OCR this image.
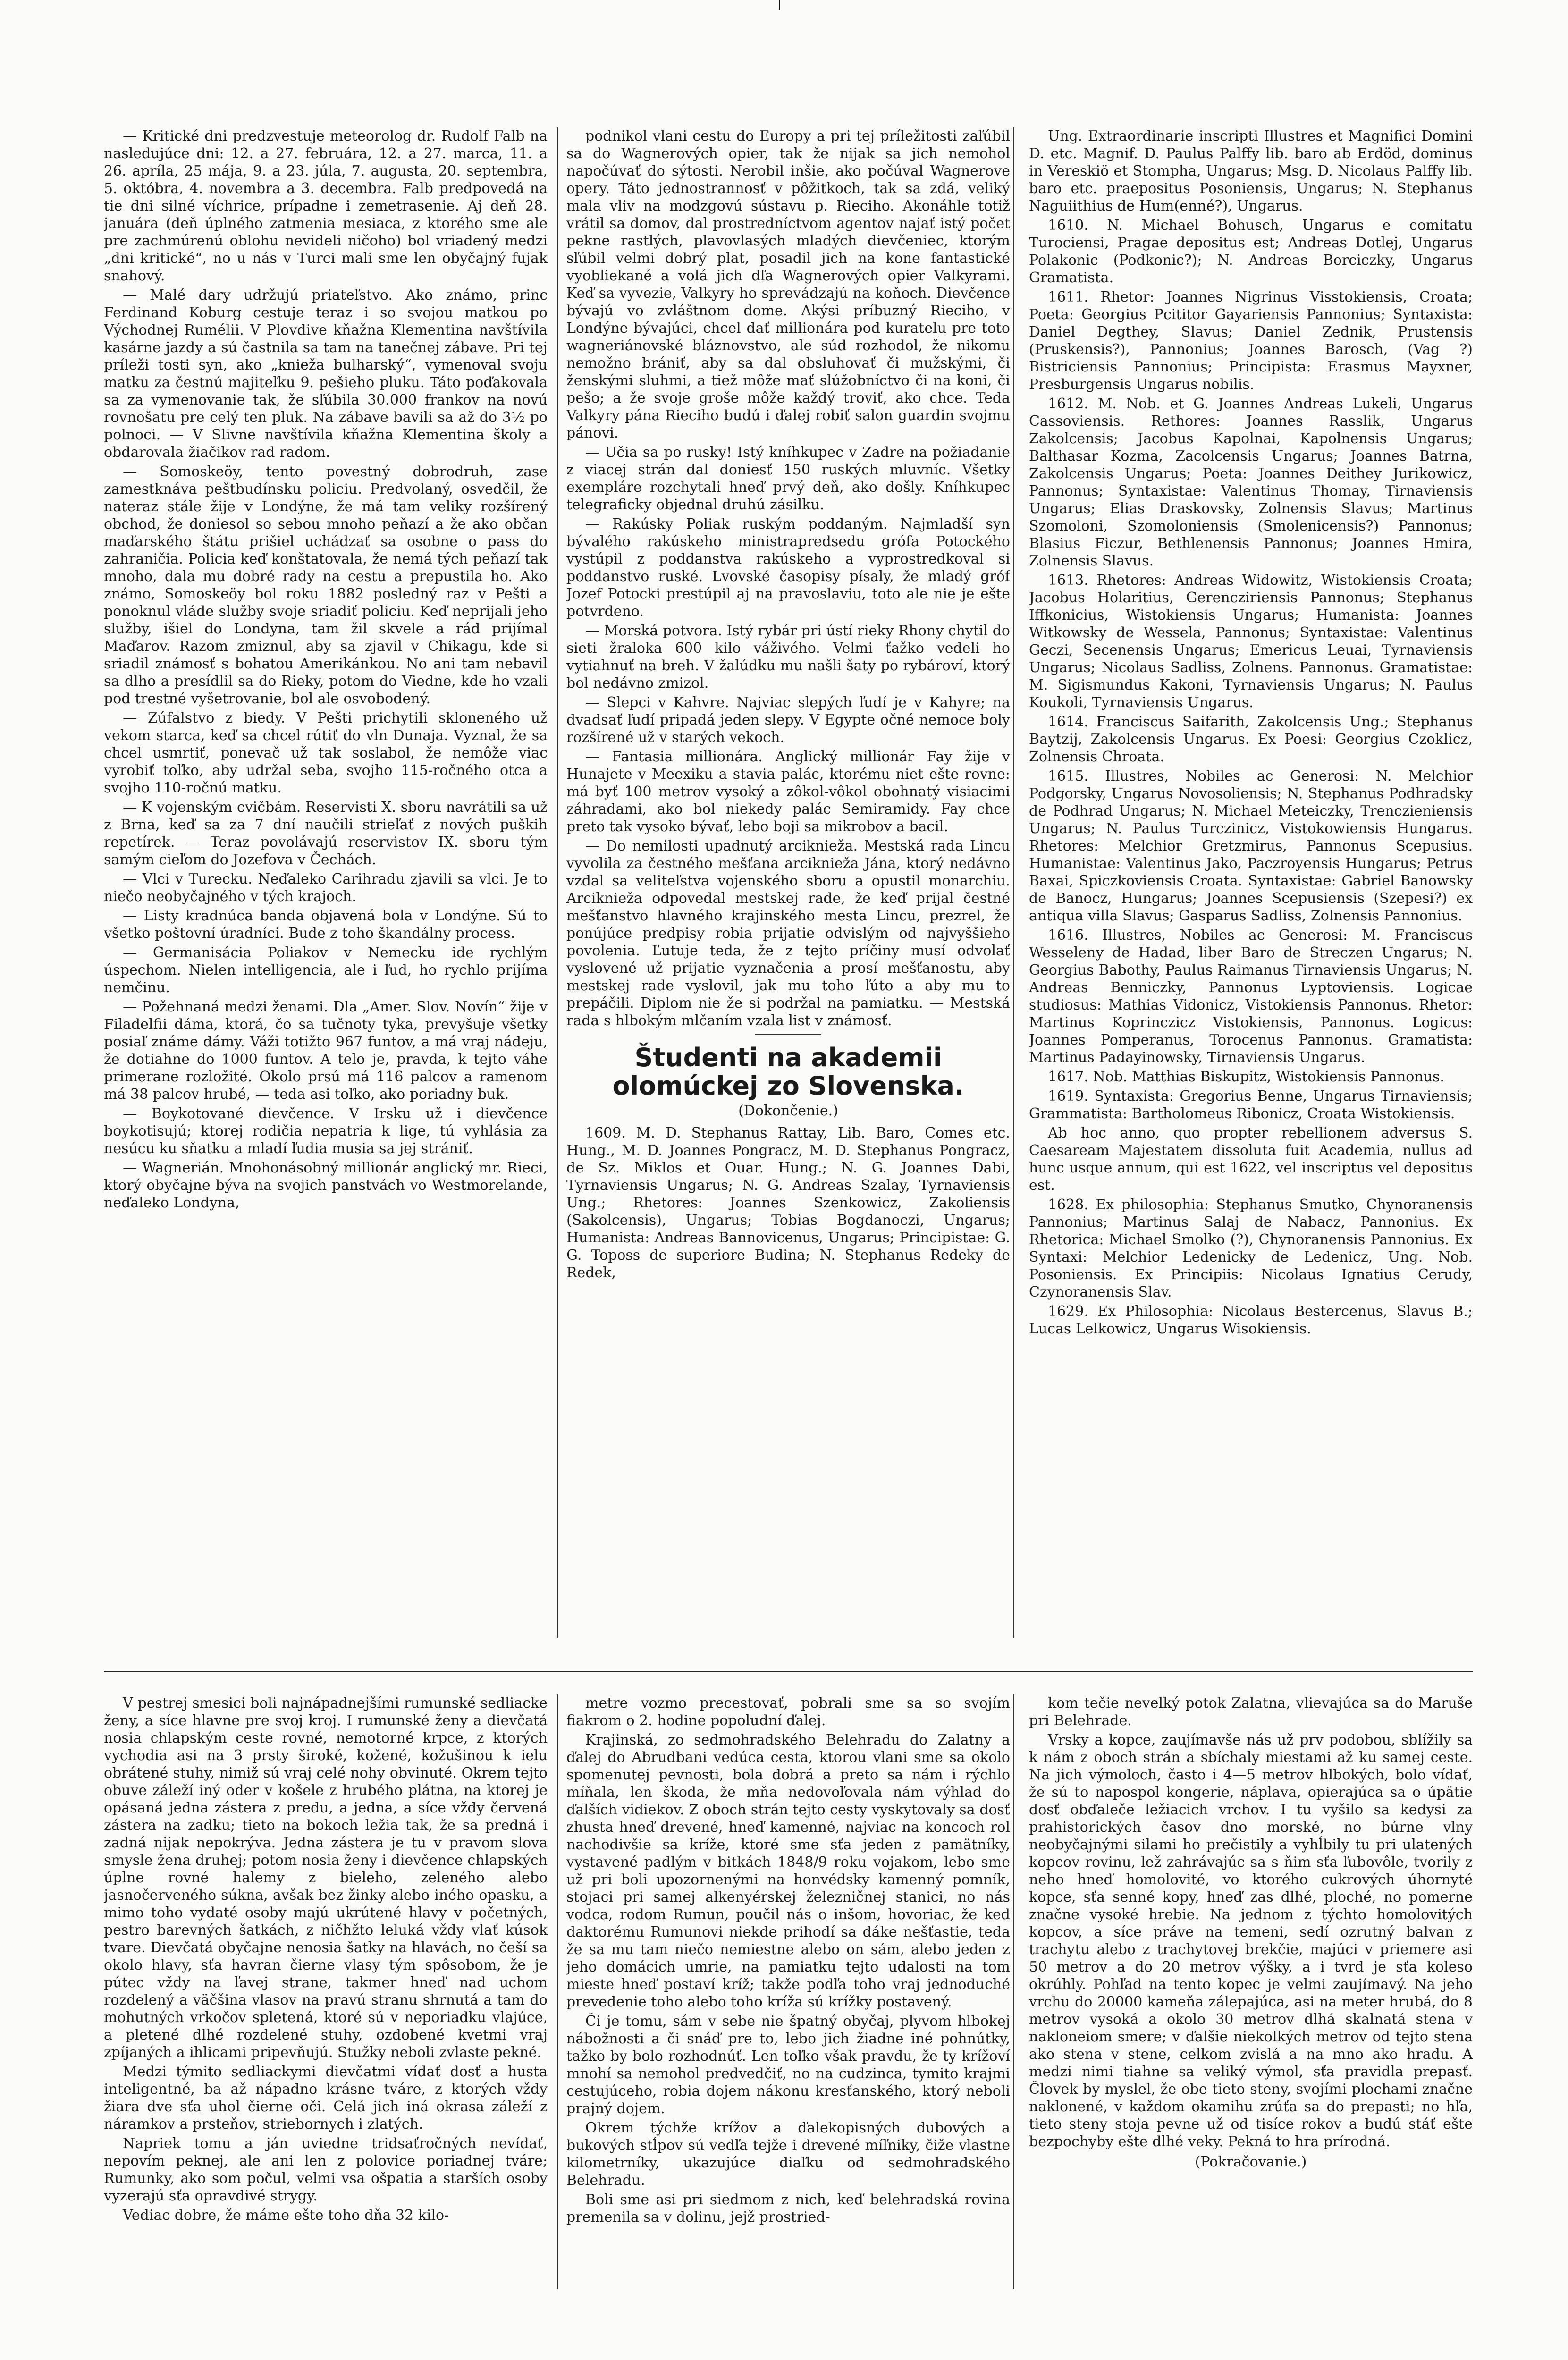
— Kritické dni predzvestuje meteorolog dr. Rudolf Falb na nasledujúce dni: 12. a 27. februára, 12. a 27. marca, 11. a 26. apríla, 25 mája, 9. a 23. júla, 7. augusta, 20. septembra, 5. októbra, 4. novembra a 3. decembra. Falb predpovedá na tie dni silné víchrice, prípadne i zemetrasenie. Aj deň 28. januára (deň úplného zatmenia mesiaca, z ktorého sme ale pre zachmúrenú oblohu nevideli ničoho) bol vriadený medzi „dni kritické“, no u nás v Turci mali sme len obyčajný fujak snahový.

— Malé dary udržujú priateľstvo. Ako známo, princ Ferdinand Koburg cestuje teraz i so svojou matkou po Východnej Rumélii. V Plovdive kňažna Klementina navštívila kasárne jazdy a sú častnila sa tam na tanečnej zábave. Pri tej príleži tosti syn, ako „knieža bulharský“, vymenoval svoju matku za čestnú majiteľku 9. pešieho pluku. Táto poďakovala sa za vymenovanie tak, že sľúbila 30.000 frankov na novú rovnošatu pre celý ten pluk. Na zábave bavili sa až do 3½ po polnoci. — V Slivne navštívila kňažna Klementina školy a obdarovala žiačikov rad radom.

— Somoskeöy, tento povestný dobrodruh, zase zamestknáva peštbudínsku policiu. Predvolaný, osvedčil, že nateraz stále žije v Londýne, že má tam veliky rozšírený obchod, že doniesol so sebou mnoho peňazí a že ako občan maďarského štátu prišiel uchádzať sa osobne o pass do zahraničia. Policia keď konštatovala, že nemá tých peňazí tak mnoho, dala mu dobré rady na cestu a prepustila ho. Ako známo, Somoskeöy bol roku 1882 posledný raz v Pešti a ponoknul vláde služby svoje sriadiť policiu. Keď neprijali jeho služby, išiel do Londyna, tam žil skvele a rád prijímal Maďarov. Razom zmiznul, aby sa zjavil v Chikagu, kde si sriadil známosť s bohatou Amerikánkou. No ani tam nebavil sa dlho a presídlil sa do Rieky, potom do Viedne, kde ho vzali pod trestné vyšetrovanie, bol ale osvobodený.

— Zúfalstvo z biedy. V Pešti prichytili skloneného už vekom starca, keď sa chcel rútiť do vln Dunaja. Vyznal, že sa chcel usmrtiť, ponevač už tak soslabol, že nemôže viac vyrobiť toľko, aby udržal seba, svojho 115-ročného otca a svojho 110-ročnú matku.

— K vojenským cvičbám. Reservisti X. sboru navrátili sa už z Brna, keď sa za 7 dní naučili strieľať z nových puških repetírek. — Teraz povolávajú reservistov IX. sboru tým samým cieľom do Jozefova v Čechách.

— Vlci v Turecku. Neďaleko Carihradu zjavili sa vlci. Je to niečo neobyčajného v tých krajoch.

— Listy kradnúca banda objavená bola v Londýne. Sú to všetko poštovní úradníci. Bude z toho škandálny process.

— Germanisácia Poliakov v Nemecku ide rychlým úspechom. Nielen intelligencia, ale i ľud, ho rychlo prijíma nemčinu.

— Požehnaná medzi ženami. Dla „Amer. Slov. Novín“ žije v Filadelfii dáma, ktorá, čo sa tučnoty tyka, prevyšuje všetky posiaľ známe dámy. Váži totižto 967 funtov, a má vraj nádeju, že dotiahne do 1000 funtov. A telo je, pravda, k tejto váhe primerane rozložité. Okolo prsú má 116 palcov a ramenom má 38 palcov hrubé, — teda asi toľko, ako poriadny buk.

— Boykotované dievčence. V Irsku už i dievčence boykotisujú; ktorej rodičia nepatria k lige, tú vyhlásia za nesúcu ku sňatku a mladí ľudia musia sa jej strániť.

— Wagnerián. Mnohonásobný millionár anglický mr. Rieci, ktorý obyčajne býva na svojich panstvách vo Westmorelande, neďaleko Londyna,

podnikol vlani cestu do Europy a pri tej príležitosti zaľúbil sa do Wagnerových opier, tak že nijak sa jich nemohol napočúvať do sýtosti. Nerobil inšie, ako počúval Wagnerove opery. Táto jednostrannosť v pôžitkoch, tak sa zdá, veliký mala vliv na modzgovú sústavu p. Rieciho. Akonáhle totiž vrátil sa domov, dal prostredníctvom agentov najať istý počet pekne rastlých, plavovlasých mladých dievčeniec, ktorým sľúbil velmi dobrý plat, posadil jich na kone fantastické vyobliekané a volá jich dľa Wagnerových opier Valkyrami. Keď sa vyvezie, Valkyry ho sprevádzajú na koňoch. Dievčence bývajú vo zvláštnom dome. Akýsi príbuzný Rieciho, v Londýne bývajúci, chcel dať millionára pod kuratelu pre toto wagneriánovské bláznovstvo, ale súd rozhodol, že nikomu nemožno brániť, aby sa dal obsluhovať či mužskými, či ženskými sluhmi, a tiež môže mať slúžobníctvo či na koni, či pešo; a že svoje groše môže každý troviť, ako chce. Teda Valkyry pána Rieciho budú i ďalej robiť salon guardin svojmu pánovi.

— Učia sa po rusky! Istý kníhkupec v Zadre na požiadanie z viacej strán dal doniesť 150 ruských mluvníc. Všetky exempláre rozchytali hneď prvý deň, ako došly. Kníhkupec telegraficky objednal druhú zásilku.

— Rakúsky Poliak ruským poddaným. Najmladší syn bývalého rakúskeho ministrapredsedu grófa Potockého vystúpil z poddanstva rakúskeho a vyprostredkoval si poddanstvo ruské. Lvovské časopisy písaly, že mladý gróf Jozef Potocki prestúpil aj na pravoslaviu, toto ale nie je ešte potvrdeno.

— Morská potvora. Istý rybár pri ústí rieky Rhony chytil do sieti žraloka 600 kilo váživého. Velmi ťažko vedeli ho vytiahnuť na breh. V žalúdku mu našli šaty po rybároví, ktorý bol nedávno zmizol.

— Slepci v Kahvre. Najviac slepých ľudí je v Kahyre; na dvadsať ľudí pripadá jeden slepy. V Egypte očné nemoce boly rozšírené už v starých vekoch.

— Fantasia millionára. Anglický millionár Fay žije v Hunajete v Meexiku a stavia palác, ktorému niet ešte rovne: má byť 100 metrov vysoký a zôkol-vôkol obohnatý visiacimi záhradami, ako bol niekedy palác Semiramidy. Fay chce preto tak vysoko bývať, lebo boji sa mikrobov a bacil.

— Do nemilosti upadnutý arcikniežа. Mestská rada Lincu vyvolila za čestného mešťana arcikniežа Jána, ktorý nedávno vzdal sa veliteľstva vojenského sboru a opustil monarchiu. Arcikniežа odpovedal mestskej rade, že keď prijal čestné mešťanstvo hlavného krajinského mesta Lincu, prezrel, že ponújúce predpisy robia prijatie odvislým od najvyššieho povolenia. Ľutuje teda, že z tejto príčiny musí odvolať vyslovené už prijatie vyznačenia a prosí mešťanostu, aby mestskej rade vyslovil, jak mu toho ľúto a aby mu to prepáčili. Diplom nie že si podržal na pamiatku. — Mestská rada s hlbokým mlčaním vzala list v známosť.

Študenti na akademii olomúckej zo Slovenska.
(Dokončenie.)

1609. M. D. Stephanus Rattay, Lib. Baro, Comes etc. Hung., M. D. Joannes Pongracz, M. D. Stephanus Pongracz, de Sz. Miklos et Ouar. Hung.; N. G. Joannes Dabi, Tyrnaviensis Ungarus; N. G. Andreas Szalay, Tyrnaviensis Ung.; Rhetores: Joannes Szenkowicz, Zakoliensis (Sakolcensis), Ungarus; Tobias Bogdanoczi, Ungarus; Humanista: Andreas Bannovicenus, Ungarus; Principistae: G. G. Toposs de superiore Budina; N. Stephanus Redeky de Redek,

Ung. Extraordinarie inscripti Illustres et Magnifici Domini D. etc. Magnif. D. Paulus Palffy lib. baro ab Erdöd, dominus in Vereskiö et Stompha, Ungarus; Msg. D. Nicolaus Palffy lib. baro etc. praepositus Posoniensis, Ungarus; N. Stephanus Naguiithius de Hum(enné?), Ungarus.

1610. N. Michael Bohusch, Ungarus e comitatu Turociensi, Pragae depositus est; Andreas Dotlej, Ungarus Polakonic (Podkonic?); N. Andreas Borciczky, Ungarus Gramatista.

1611. Rhetor: Joannes Nigrinus Visstokiensis, Croata; Poeta: Georgius Pcititor Gayariensis Pannonius; Syntaxista: Daniel Degthey, Slavus; Daniel Zednik, Prustensis (Pruskensis?), Pannonius; Joannes Barosch, (Vag ?) Bistriciensis Pannonius; Principista: Erasmus Mayxner, Presburgensis Ungarus nobilis.

1612. M. Nob. et G. Joannes Andreas Lukeli, Ungarus Cassoviensis. Rethores: Joannes Rasslik, Ungarus Zakolcensis; Jacobus Kapolnai, Kapolnensis Ungarus; Balthasar Kozma, Zacolcensis Ungarus; Joannes Batrna, Zakolcensis Ungarus; Poeta: Joannes Deithey Jurikowicz, Pannonus; Syntaxistae: Valentinus Thomay, Tirnaviensis Ungarus; Elias Draskovsky, Zolnensis Slavus; Martinus Szomoloni, Szomoloniensis (Smolenicensis?) Pannonus; Blasius Ficzur, Bethlenensis Pannonus; Joannes Hmira, Zolnensis Slavus.

1613. Rhetores: Andreas Widowitz, Wistokiensis Croata; Jacobus Holaritius, Gerencziriensis Pannonus; Stephanus Iffkonicius, Wistokiensis Ungarus; Humanista: Joannes Witkowsky de Wessela, Pannonus; Syntaxistae: Valentinus Geczi, Secenensis Ungarus; Emericus Leuai, Tyrnaviensis Ungarus; Nicolaus Sadliss, Zolnens. Pannonus. Gramatistae: M. Sigismundus Kakoni, Tyrnaviensis Ungarus; N. Paulus Koukoli, Tyrnaviensis Ungarus.

1614. Franciscus Saifarith, Zakolcensis Ung.; Stephanus Baytzij, Zakolcensis Ungarus. Ex Poesi: Georgius Czoklicz, Zolnensis Chroata.

1615. Illustres, Nobiles ac Generosi: N. Melchior Podgorsky, Ungarus Novosoliensis; N. Stephanus Podhradsky de Podhrad Ungarus; N. Michael Meteiczky, Trenczieniensis Ungarus; N. Paulus Turczinicz, Vistokowiensis Hungarus. Rhetores: Melchior Gretzmirus, Pannonus Scepusius. Humanistae: Valentinus Jako, Paczroyensis Hungarus; Petrus Baxai, Spiczkoviensis Croata. Syntaxistae: Gabriel Banowsky de Banocz, Hungarus; Joannes Scepusiensis (Szepesi?) ex antiqua villa Slavus; Gasparus Sadliss, Zolnensis Pannonius.

1616. Illustres, Nobiles ac Generosi: M. Franciscus Wesseleny de Hadad, liber Baro de Streczen Ungarus; N. Georgius Babothy, Paulus Raimanus Tirnaviensis Ungarus; N. Andreas Benniczky, Pannonus Lyptoviensis. Logicae studiosus: Mathias Vidonicz, Vistokiensis Pannonus. Rhetor: Martinus Koprinczicz Vistokiensis, Pannonus. Logicus: Joannes Pomperanus, Torocenus Pannonus. Gramatista: Martinus Padayinowsky, Tirnaviensis Ungarus.

1617. Nob. Matthias Biskupitz, Wistokiensis Pannonus.

1619. Syntaxista: Gregorius Benne, Ungarus Tirnaviensis; Grammatista: Bartholomeus Ribonicz, Croata Wistokiensis.

Ab hoc anno, quo propter rebellionem adversus S. Caesaream Majestatem dissoluta fuit Academia, nullus ad hunc usque annum, qui est 1622, vel inscriptus vel depositus est.

1628. Ex philosophia: Stephanus Smutko, Chynoranensis Pannonius; Martinus Salaj de Nabacz, Pannonius. Ex Rhetorica: Michael Smolko (?), Chynoranensis Pannonius. Ex Syntaxi: Melchior Ledenicky de Ledenicz, Ung. Nob. Posoniensis. Ex Principiis: Nicolaus Ignatius Cerudy, Czynoranensis Slav.

1629. Ex Philosophia: Nicolaus Bestercenus, Slavus B.; Lucas Lelkowicz, Ungarus Wisokiensis.

V pestrej smesici boli najnápadnejšími rumunské sedliacke ženy, a síce hlavne pre svoj kroj. I rumunské ženy a dievčatá nosia chlapským ceste rovné, nemotorné krpce, z ktorých vychodia asi na 3 prsty široké, kožené, kožušinou k ielu obrátené stuhy, nimiž sú vraj celé nohy obvinuté. Okrem tejto obuve záleží iný oder v košele z hrubého plátna, na ktorej je opásaná jedna zástera z predu, a jedna, a síce vždy červená zástera na zadku; tieto na bokoch ležia tak, že sa predná i zadná nijak nepokrýva. Jedna zástera je tu v pravom slova smysle žena druhej; potom nosia ženy i dievčence chlapských úplne rovné halemy z bieleho, zeleného alebo jasnočerveného súkna, avšak bez žinky alebo iného opasku, a mimo toho vydaté osoby majú ukrútené hlavy v početných, pestro barevných šatkách, z ničhžto leluká vždy vlať kúsok tvare. Dievčatá obyčajne nenosia šatky na hlavách, no češí sa okolo hlavy, sťa havran čierne vlasy tým spôsobom, že je pútec vždy na ľavej strane, takmer hneď nad uchom rozdelený a väčšina vlasov na pravú stranu shrnutá a tam do mohutných vrkočov spletená, ktoré sú v neporiadku vlajúce, a pletené dlhé rozdelené stuhy, ozdobené kvetmi vraj zpíjaných a ihlicami pripevňujú. Stužky neboli zvlaste pekné.

Medzi týmito sedliackymi dievčatmi vídať dosť a husta inteligentné, ba až nápadno krásne tváre, z ktorých vždy žiara dve sťa uhol čierne oči. Celá jich iná okrasa záleží z náramkov a prsteňov, striebornych i zlatých.

Napriek tomu a ján uviedne tridsaťročných nevídať, nepovím peknej, ale ani len z polovice poriadnej tváre; Rumunky, ako som počul, velmi vsa ošpatia a starších osoby vyzerajú sťa opravdivé strygy.

Vediac dobre, že máme ešte toho dňa 32 kilo-

metre vozmo precestovať, pobrali sme sa so svojím fiakrom o 2. hodine popoludní ďalej.

Krajinská, zo sedmohradského Belehradu do Zalatny a ďalej do Abrudbani vedúca cesta, ktorou vlani sme sa okolo spomenutej pevnosti, bola dobrá a preto sa nám i rýchlo míňala, len škoda, že mňa nedovoľovala nám výhlad do ďalších vidiekov. Z oboch strán tejto cesty vyskytovaly sa dosť zhusta hneď drevené, hneď kamenné, najviac na koncoch roľ nachodivšie sa kríže, ktoré sme sťa jeden z pamätníky, vystavené padlým v bitkách 1848/9 roku vojakom, lebo sme už pri boli upozornenými na honvédsky kamenný pomník, stojaci pri samej alkenyérskej železničnej stanici, no nás vodca, rodom Rumun, poučil nás o inšom, hovoriac, že keď daktorému Rumunovi niekde prihodí sa dáke nešťastie, teda že sa mu tam niečo nemiestne alebo on sám, alebo jeden z jeho domácich umrie, na pamiatku tejto udalosti na tom mieste hneď postaví kríž; takže podľa toho vraj jednoduché prevedenie toho alebo toho kríža sú krížky postavený.

Či je tomu, sám v sebe nie špatný obyčaj, plyvom hlbokej nábožnosti a či snáď pre to, lebo jich žiadne iné pohnútky, tažko by bolo rozhodnúť. Len toľko však pravdu, že ty krížoví mnohí sa nemohol predvedčiť, no na cudzinca, tymito krajmi cestujúceho, robia dojem nákonu kresťanského, ktorý neboli prajný dojem.

Okrem týchže krížov a ďalekopisných dubových a bukových stĺpov sú vedľa tejže i drevené míľniky, čiže vlastne kilometrníky, ukazujúce diaľku od sedmohradského Belehradu.

Boli sme asi pri siedmom z nich, keď belehradská rovina premenila sa v dolinu, jejž prostried-

kom tečie nevelký potok Zalatna, vlievajúca sa do Maruše pri Belehrade.

Vrsky a kopce, zaujímavše nás už prv podobou, sblížily sa k nám z oboch strán a sbíchaly miestami až ku samej ceste. Na jich výmoloch, často i 4—5 metrov hlbokých, bolo vídať, že sú to napospol kongerie, náplava, opierajúca sa o úpätie dosť obďaleče ležiacich vrchov. I tu vyšilo sa kedysi za prahistorických časov dno morské, no búrne vlny neobyčajnými silami ho prečistily a vyhĺbily tu pri ulatených kopcov rovinu, lež zahrávajúc sa s ňim sťa ľubovôle, tvorily z neho hneď homolovité, vo ktorého cukrových úhornyté kopce, sťa senné kopy, hneď zas dlhé, ploché, no pomerne značne vysoké hrebie. Na jednom z týchto homolovitých kopcov, a síce práve na temeni, sedí ozrutný balvan z trachytu alebo z trachytovej brekčie, majúci v priemere asi 50 metrov a do 20 metrov výšky, a i tvrd je sťa koleso okrúhly. Pohľad na tento kopec je velmi zaujímavý. Na jeho vrchu do 20000 kameňa zálepajúca, asi na meter hrubá, do 8 metrov vysoká a okolo 30 metrov dlhá skalnatá stena v nakloneiom smere; v ďalšie niekolkých metrov od tejto stena ako stena v stene, celkom zvislá a na mno ako hradu. A medzi nimi tiahne sa veliký výmol, sťa pravidla prepasť. Človek by myslel, že obe tieto steny, svojími plochami značne naklonené, v každom okamihu zrúťa sa do prepasti; no hľa, tieto steny stoja pevne už od tisíce rokov a budú stáť ešte bezpochyby ešte dlhé veky. Pekná to hra prírodná.

(Pokračovanie.)
